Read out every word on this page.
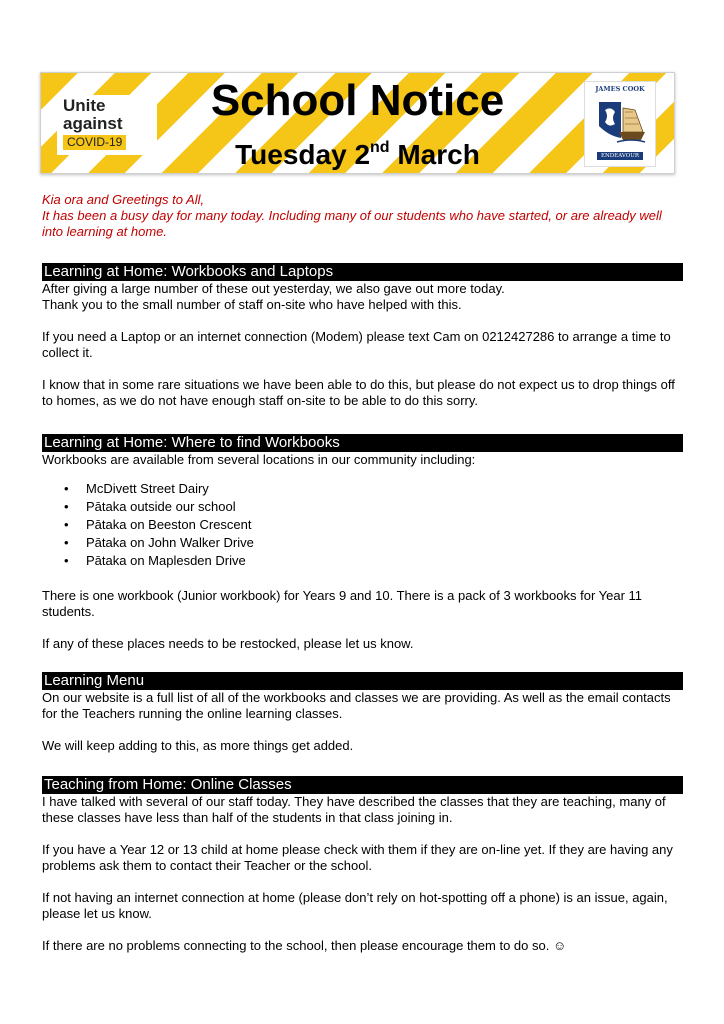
Unite
against
COVID-19
School Notice
Tuesday 2nd March
JAMES COOK
ENDEAVOUR

Kia ora and Greetings to All,

It has been a busy day for many today. Including many of our students who have started, or are already well into learning at home.

Learning at Home: Workbooks and Laptops

After giving a large number of these out yesterday, we also gave out more today.

Thank you to the small number of staff on-site who have helped with this.

If you need a Laptop or an internet connection (Modem) please text Cam on 0212427286 to arrange a time to collect it.

I know that in some rare situations we have been able to do this, but please do not expect us to drop things off to homes, as we do not have enough staff on-site to be able to do this sorry.

Learning at Home: Where to find Workbooks

Workbooks are available from several locations in our community including:

• McDivett Street Dairy
• Pātaka outside our school
• Pātaka on Beeston Crescent
• Pātaka on John Walker Drive
• Pātaka on Maplesden Drive

There is one workbook (Junior workbook) for Years 9 and 10. There is a pack of 3 workbooks for Year 11 students.

If any of these places needs to be restocked, please let us know.

Learning Menu

On our website is a full list of all of the workbooks and classes we are providing. As well as the email contacts for the Teachers running the online learning classes.

We will keep adding to this, as more things get added.

Teaching from Home: Online Classes

I have talked with several of our staff today. They have described the classes that they are teaching, many of these classes have less than half of the students in that class joining in.

If you have a Year 12 or 13 child at home please check with them if they are on-line yet. If they are having any problems ask them to contact their Teacher or the school.

If not having an internet connection at home (please don’t rely on hot-spotting off a phone) is an issue, again, please let us know.

If there are no problems connecting to the school, then please encourage them to do so. ☺
